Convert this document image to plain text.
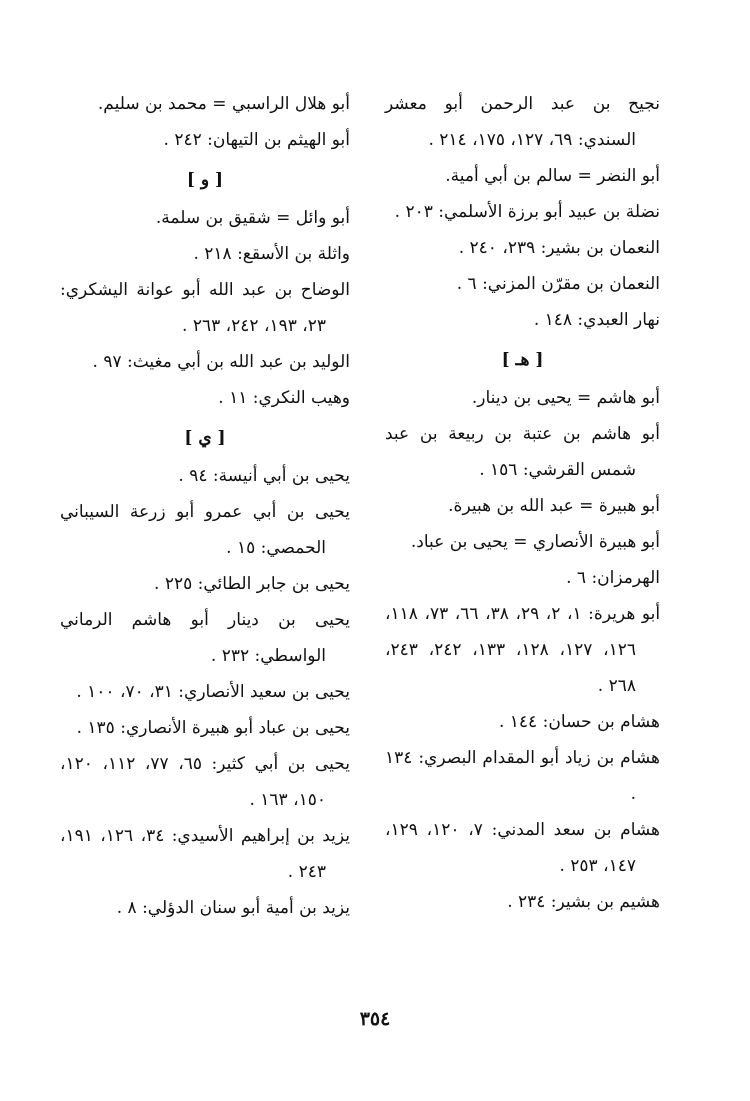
نجيح بن عبد الرحمن أبو معشر السندي: ٦٩، ١٢٧، ١٧٥، ٢١٤ .
أبو النضر = سالم بن أبي أمية.
نضلة بن عبيد أبو برزة الأسلمي: ٢٠٣ .
النعمان بن بشير: ٢٣٩، ٢٤٠ .
النعمان بن مقرّن المزني: ٦ .
نهار العبدي: ١٤٨ .
[ هـ ]
أبو هاشم = يحيى بن دينار.
أبو هاشم بن عتبة بن ربيعة بن عبد شمس القرشي: ١٥٦ .
أبو هبيرة = عبد الله بن هبيرة.
أبو هبيرة الأنصاري = يحيى بن عباد.
الهرمزان: ٦ .
أبو هريرة: ١، ٢، ٢٩، ٣٨، ٦٦، ٧٣، ١١٨، ١٢٦، ١٢٧، ١٢٨، ١٣٣، ٢٤٢، ٢٤٣، ٢٦٨ .
هشام بن حسان: ١٤٤ .
هشام بن زياد أبو المقدام البصري: ١٣٤ .
هشام بن سعد المدني: ٧، ١٢٠، ١٢٩، ١٤٧، ٢٥٣ .
هشيم بن بشير: ٢٣٤ .
أبو هلال الراسبي = محمد بن سليم.
أبو الهيثم بن التيهان: ٢٤٢ .
[ و ]
أبو وائل = شقيق بن سلمة.
واثلة بن الأسقع: ٢١٨ .
الوضاح بن عبد الله أبو عوانة اليشكري: ٢٣، ١٩٣، ٢٤٢، ٢٦٣ .
الوليد بن عبد الله بن أبي مغيث: ٩٧ .
وهيب النكري: ١١ .
[ ي ]
يحيى بن أبي أنيسة: ٩٤ .
يحيى بن أبي عمرو أبو زرعة السيباني الحمصي: ١٥ .
يحيى بن جابر الطائي: ٢٢٥ .
يحيى بن دينار أبو هاشم الرماني الواسطي: ٢٣٢ .
يحيى بن سعيد الأنصاري: ٣١، ٧٠، ١٠٠ .
يحيى بن عباد أبو هبيرة الأنصاري: ١٣٥ .
يحيى بن أبي كثير: ٦٥، ٧٧، ١١٢، ١٢٠، ١٥٠، ١٦٣ .
يزيد بن إبراهيم الأسيدي: ٣٤، ١٢٦، ١٩١، ٢٤٣ .
يزيد بن أمية أبو سنان الدؤلي: ٨ .
٣٥٤
